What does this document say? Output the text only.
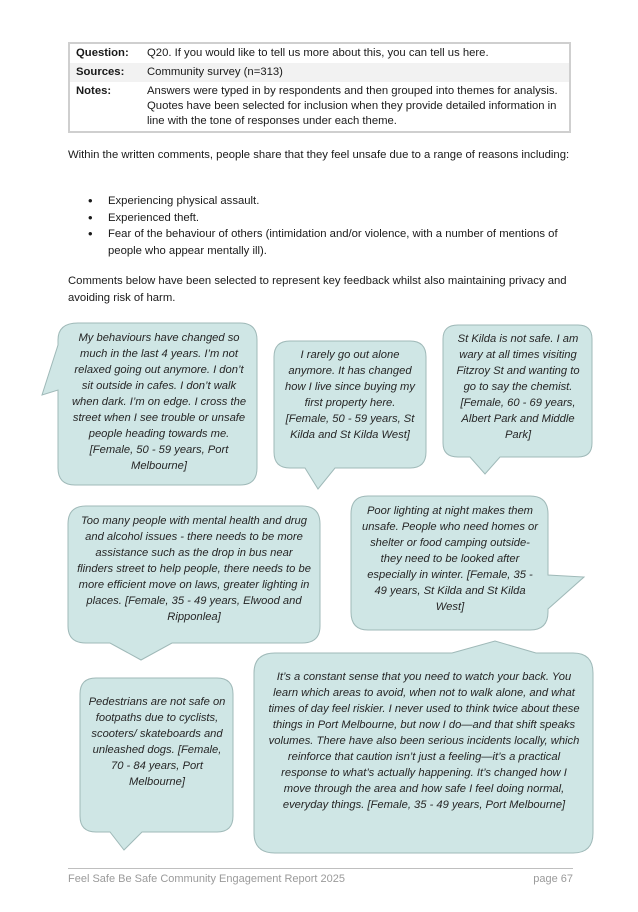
Question:	Q20. If you would like to tell us more about this, you can tell us here.
Sources:	Community survey (n=313)
Notes:	Answers were typed in by respondents and then grouped into themes for analysis. Quotes have been selected for inclusion when they provide detailed information in line with the tone of responses under each theme.

Within the written comments, people share that they feel unsafe due to a range of reasons including:

• Experiencing physical assault.
• Experienced theft.
• Fear of the behaviour of others (intimidation and/or violence, with a number of mentions of people who appear mentally ill).

Comments below have been selected to represent key feedback whilst also maintaining privacy and avoiding risk of harm.

My behaviours have changed so much in the last 4 years. I’m not relaxed going out anymore. I don’t sit outside in cafes. I don’t walk when dark. I’m on edge. I cross the street when I see trouble or unsafe people heading towards me. [Female, 50 - 59 years, Port Melbourne]

I rarely go out alone anymore. It has changed how I live since buying my first property here. [Female, 50 - 59 years, St Kilda and St Kilda West]

St Kilda is not safe. I am wary at all times visiting Fitzroy St and wanting to go to say the chemist. [Female, 60 - 69 years, Albert Park and Middle Park]

Too many people with mental health and drug and alcohol issues - there needs to be more assistance such as the drop in bus near flinders street to help people, there needs to be more efficient move on laws, greater lighting in places. [Female, 35 - 49 years, Elwood and Ripponlea]

Poor lighting at night makes them unsafe. People who need homes or shelter or food camping outside- they need to be looked after especially in winter. [Female, 35 - 49 years, St Kilda and St Kilda West]

Pedestrians are not safe on footpaths due to cyclists, scooters/ skateboards and unleashed dogs. [Female, 70 - 84 years, Port Melbourne]

It’s a constant sense that you need to watch your back. You learn which areas to avoid, when not to walk alone, and what times of day feel riskier. I never used to think twice about these things in Port Melbourne, but now I do—and that shift speaks volumes. There have also been serious incidents locally, which reinforce that caution isn’t just a feeling—it’s a practical response to what’s actually happening. It’s changed how I move through the area and how safe I feel doing normal, everyday things. [Female, 35 - 49 years, Port Melbourne]

Feel Safe Be Safe Community Engagement Report 2025	page 67
